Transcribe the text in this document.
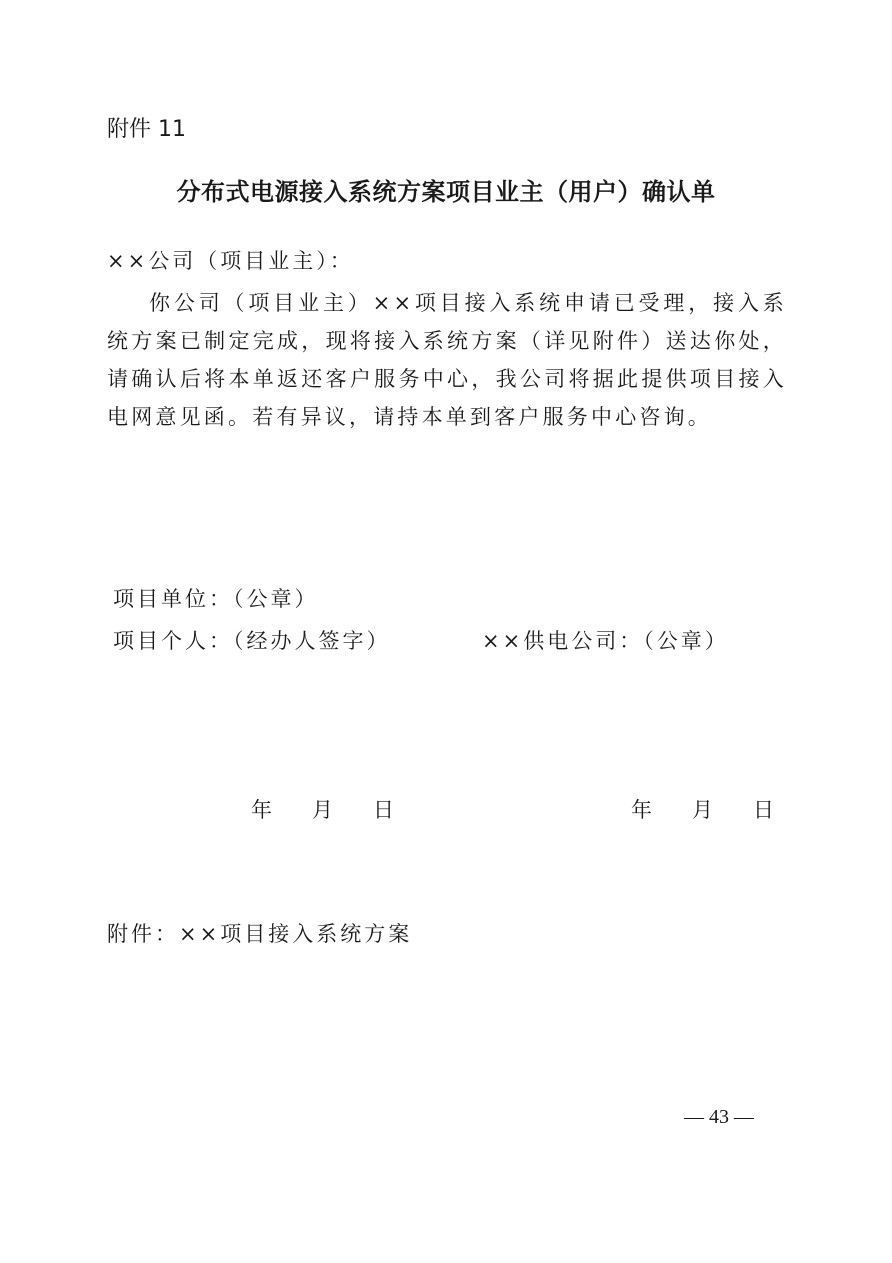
附件 11
分布式电源接入系统方案项目业主（用户）确认单
××公司（项目业主）：
你公司（项目业主）××项目接入系统申请已受理，接入系统方案已制定完成，现将接入系统方案（详见附件）送达你处，请确认后将本单返还客户服务中心，我公司将据此提供项目接入电网意见函。若有异议，请持本单到客户服务中心咨询。
项目单位：（公章）
项目个人：（经办人签字）	××供电公司：（公章）
年 月 日	年 月 日
附件：××项目接入系统方案
— 43 —
